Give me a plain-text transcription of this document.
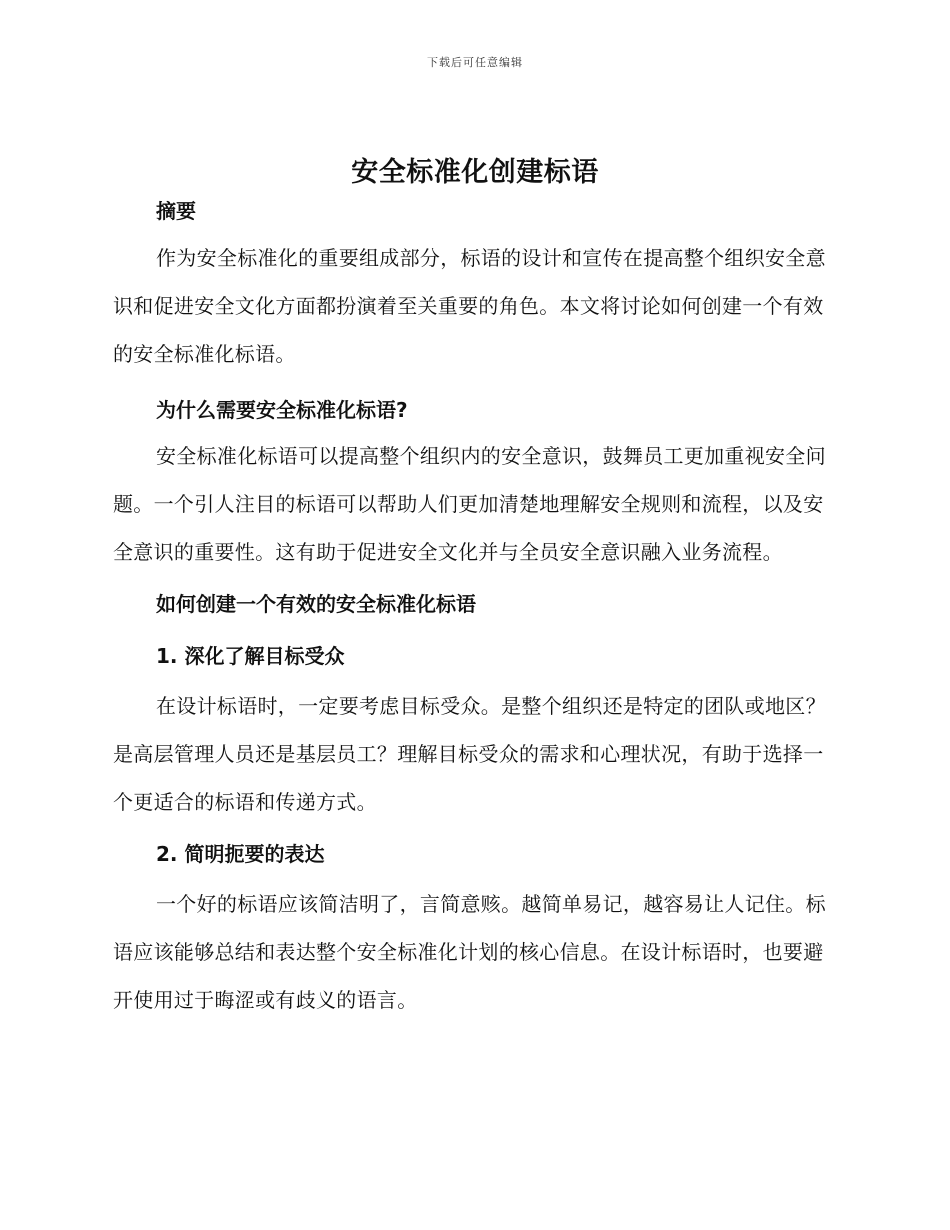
下载后可任意编辑
安全标准化创建标语
摘要

作为安全标准化的重要组成部分，标语的设计和宣传在提高整个组织安全意识和促进安全文化方面都扮演着至关重要的角色。本文将讨论如何创建一个有效的安全标准化标语。

为什么需要安全标准化标语?

安全标准化标语可以提高整个组织内的安全意识，鼓舞员工更加重视安全问题。一个引人注目的标语可以帮助人们更加清楚地理解安全规则和流程，以及安全意识的重要性。这有助于促进安全文化并与全员安全意识融入业务流程。

如何创建一个有效的安全标准化标语
1. 深化了解目标受众

在设计标语时，一定要考虑目标受众。是整个组织还是特定的团队或地区？是高层管理人员还是基层员工？理解目标受众的需求和心理状况，有助于选择一个更适合的标语和传递方式。

2. 简明扼要的表达

一个好的标语应该简洁明了，言简意赅。越简单易记，越容易让人记住。标语应该能够总结和表达整个安全标准化计划的核心信息。在设计标语时，也要避开使用过于晦涩或有歧义的语言。
